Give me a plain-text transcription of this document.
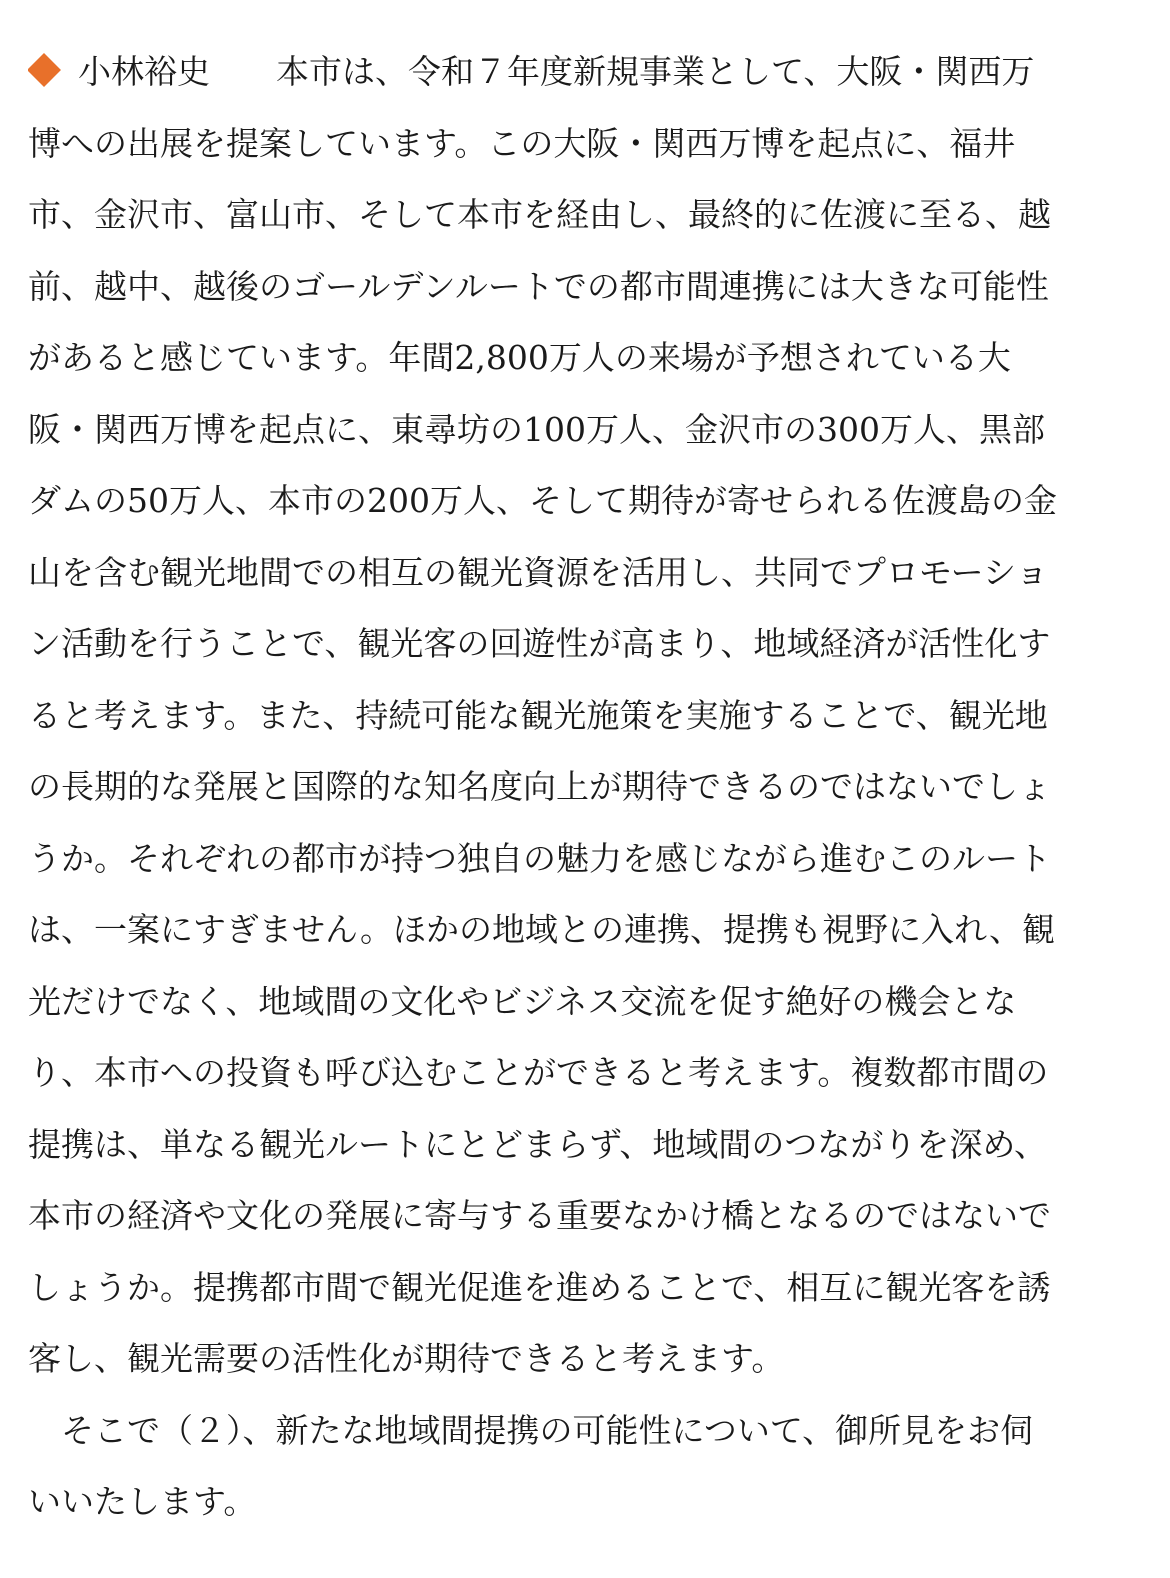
小林裕史 本市は、令和７年度新規事業として、大阪・関西万
博への出展を提案しています。この大阪・関西万博を起点に、福井
市、金沢市、富山市、そして本市を経由し、最終的に佐渡に至る、越
前、越中、越後のゴールデンルートでの都市間連携には大きな可能性
があると感じています。年間2,800万人の来場が予想されている大
阪・関西万博を起点に、東尋坊の100万人、金沢市の300万人、黒部
ダムの50万人、本市の200万人、そして期待が寄せられる佐渡島の金
山を含む観光地間での相互の観光資源を活用し、共同でプロモーショ
ン活動を行うことで、観光客の回遊性が高まり、地域経済が活性化す
ると考えます。また、持続可能な観光施策を実施することで、観光地
の長期的な発展と国際的な知名度向上が期待できるのではないでしょ
うか。それぞれの都市が持つ独自の魅力を感じながら進むこのルート
は、一案にすぎません。ほかの地域との連携、提携も視野に入れ、観
光だけでなく、地域間の文化やビジネス交流を促す絶好の機会とな
り、本市への投資も呼び込むことができると考えます。複数都市間の
提携は、単なる観光ルートにとどまらず、地域間のつながりを深め、
本市の経済や文化の発展に寄与する重要なかけ橋となるのではないで
しょうか。提携都市間で観光促進を進めることで、相互に観光客を誘
客し、観光需要の活性化が期待できると考えます。
　そこで（２）、新たな地域間提携の可能性について、御所見をお伺
いいたします。
